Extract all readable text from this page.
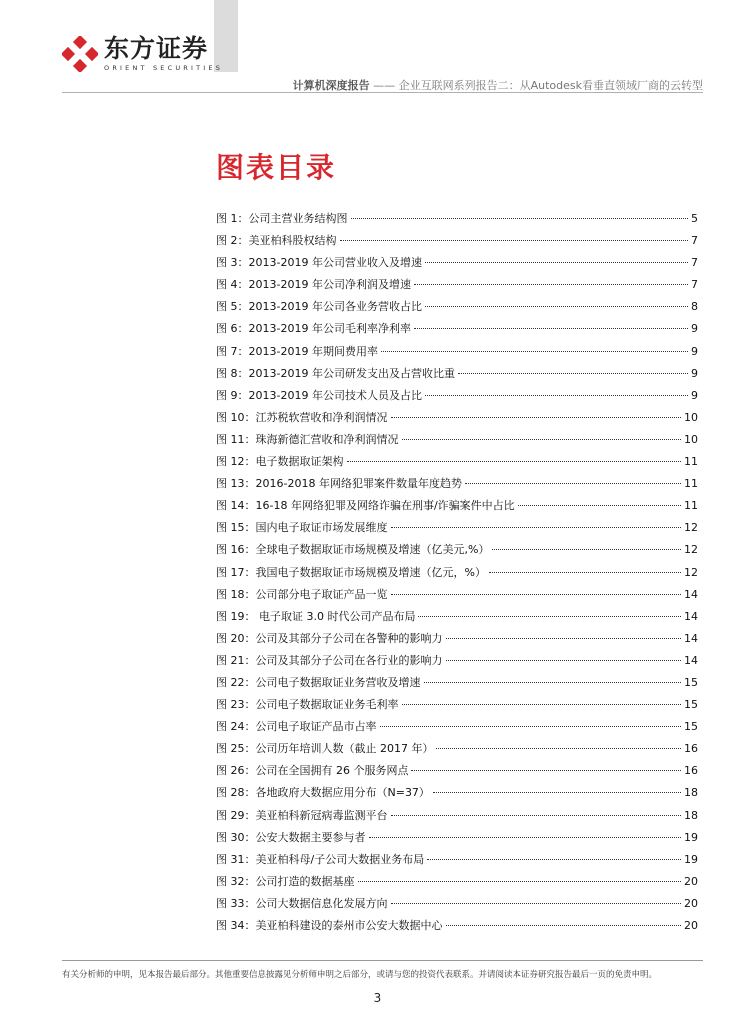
东方证券
ORIENT SECURITIES
计算机深度报告 —— 企业互联网系列报告二：从Autodesk看垂直领域厂商的云转型
图表目录
图 1：公司主营业务结构图	5
图 2：美亚柏科股权结构	7
图 3：2013-2019 年公司营业收入及增速	7
图 4：2013-2019 年公司净利润及增速	7
图 5：2013-2019 年公司各业务营收占比	8
图 6：2013-2019 年公司毛利率净利率	9
图 7：2013-2019 年期间费用率	9
图 8：2013-2019 年公司研发支出及占营收比重	9
图 9：2013-2019 年公司技术人员及占比	9
图 10：江苏税软营收和净利润情况	10
图 11：珠海新德汇营收和净利润情况	10
图 12：电子数据取证架构	11
图 13：2016-2018 年网络犯罪案件数量年度趋势	11
图 14：16-18 年网络犯罪及网络诈骗在刑事/诈骗案件中占比	11
图 15：国内电子取证市场发展维度	12
图 16：全球电子数据取证市场规模及增速（亿美元,%）	12
图 17：我国电子数据取证市场规模及增速（亿元，%）	12
图 18：公司部分电子取证产品一览	14
图 19： 电子取证 3.0 时代公司产品布局	14
图 20：公司及其部分子公司在各警种的影响力	14
图 21：公司及其部分子公司在各行业的影响力	14
图 22：公司电子数据取证业务营收及增速	15
图 23：公司电子数据取证业务毛利率	15
图 24：公司电子取证产品市占率	15
图 25：公司历年培训人数（截止 2017 年）	16
图 26：公司在全国拥有 26 个服务网点	16
图 28：各地政府大数据应用分布（N=37）	18
图 29：美亚柏科新冠病毒监测平台	18
图 30：公安大数据主要参与者	19
图 31：美亚柏科母/子公司大数据业务布局	19
图 32：公司打造的数据基座	20
图 33：公司大数据信息化发展方向	20
图 34：美亚柏科建设的泰州市公安大数据中心	20
有关分析师的申明，见本报告最后部分。其他重要信息披露见分析师申明之后部分，或请与您的投资代表联系。并请阅读本证券研究报告最后一页的免责申明。
3
